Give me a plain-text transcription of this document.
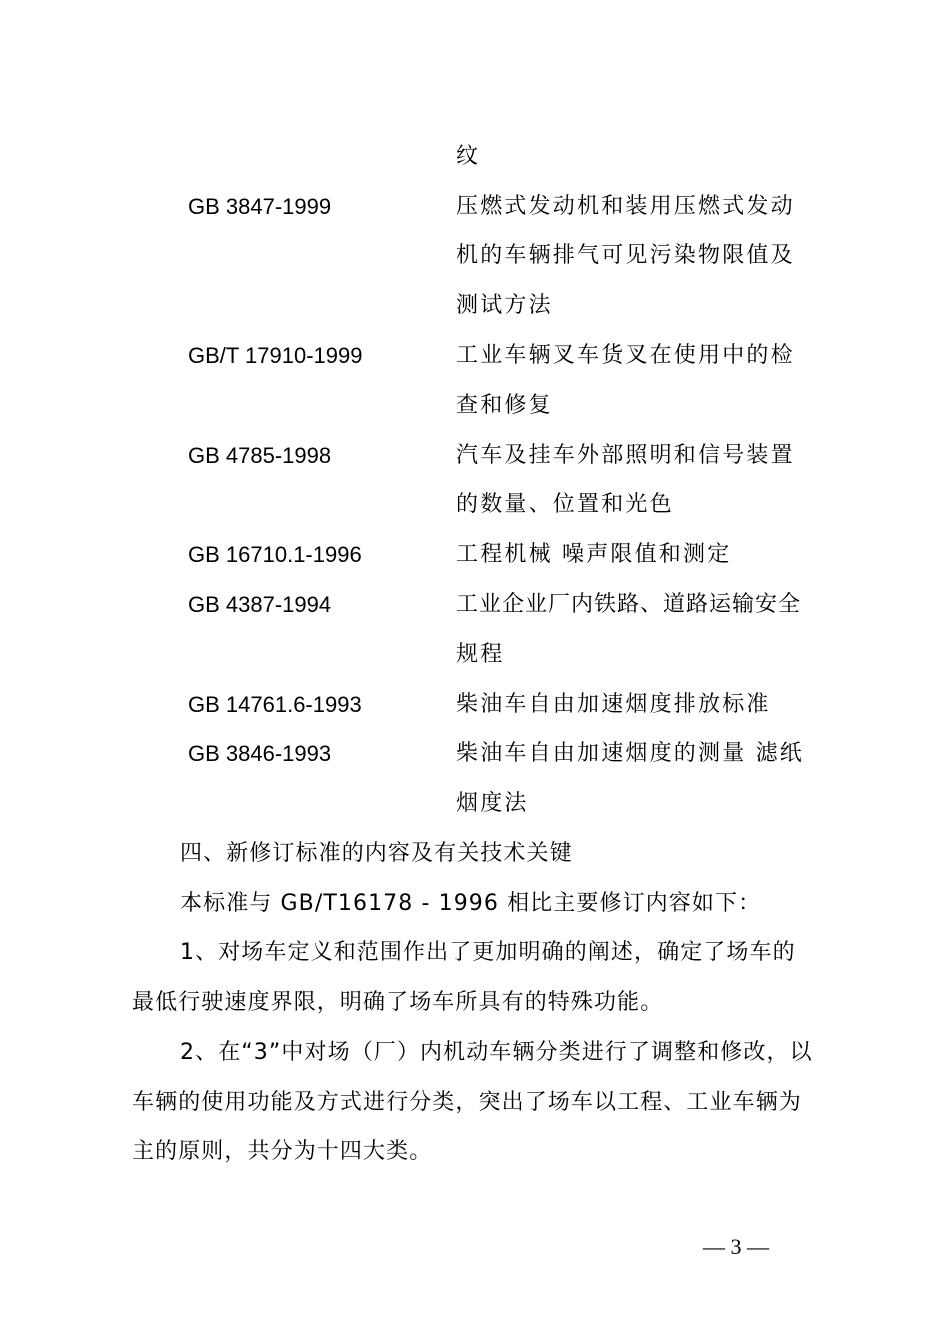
纹
GB 3847-1999	压燃式发动机和装用压燃式发动
机的车辆排气可见污染物限值及
测试方法
GB/T 17910-1999	工业车辆叉车货叉在使用中的检
查和修复
GB 4785-1998	汽车及挂车外部照明和信号装置
的数量、位置和光色
GB 16710.1-1996	工程机械 噪声限值和测定
GB 4387-1994	工业企业厂内铁路、道路运输安全
规程
GB 14761.6-1993	柴油车自由加速烟度排放标准
GB 3846-1993	柴油车自由加速烟度的测量 滤纸
烟度法
四、新修订标准的内容及有关技术关键
本标准与 GB/T16178 - 1996 相比主要修订内容如下：
1、对场车定义和范围作出了更加明确的阐述，确定了场车的
最低行驶速度界限，明确了场车所具有的特殊功能。
2、在“3”中对场（厂）内机动车辆分类进行了调整和修改，以
车辆的使用功能及方式进行分类，突出了场车以工程、工业车辆为
主的原则，共分为十四大类。
— 3 —
